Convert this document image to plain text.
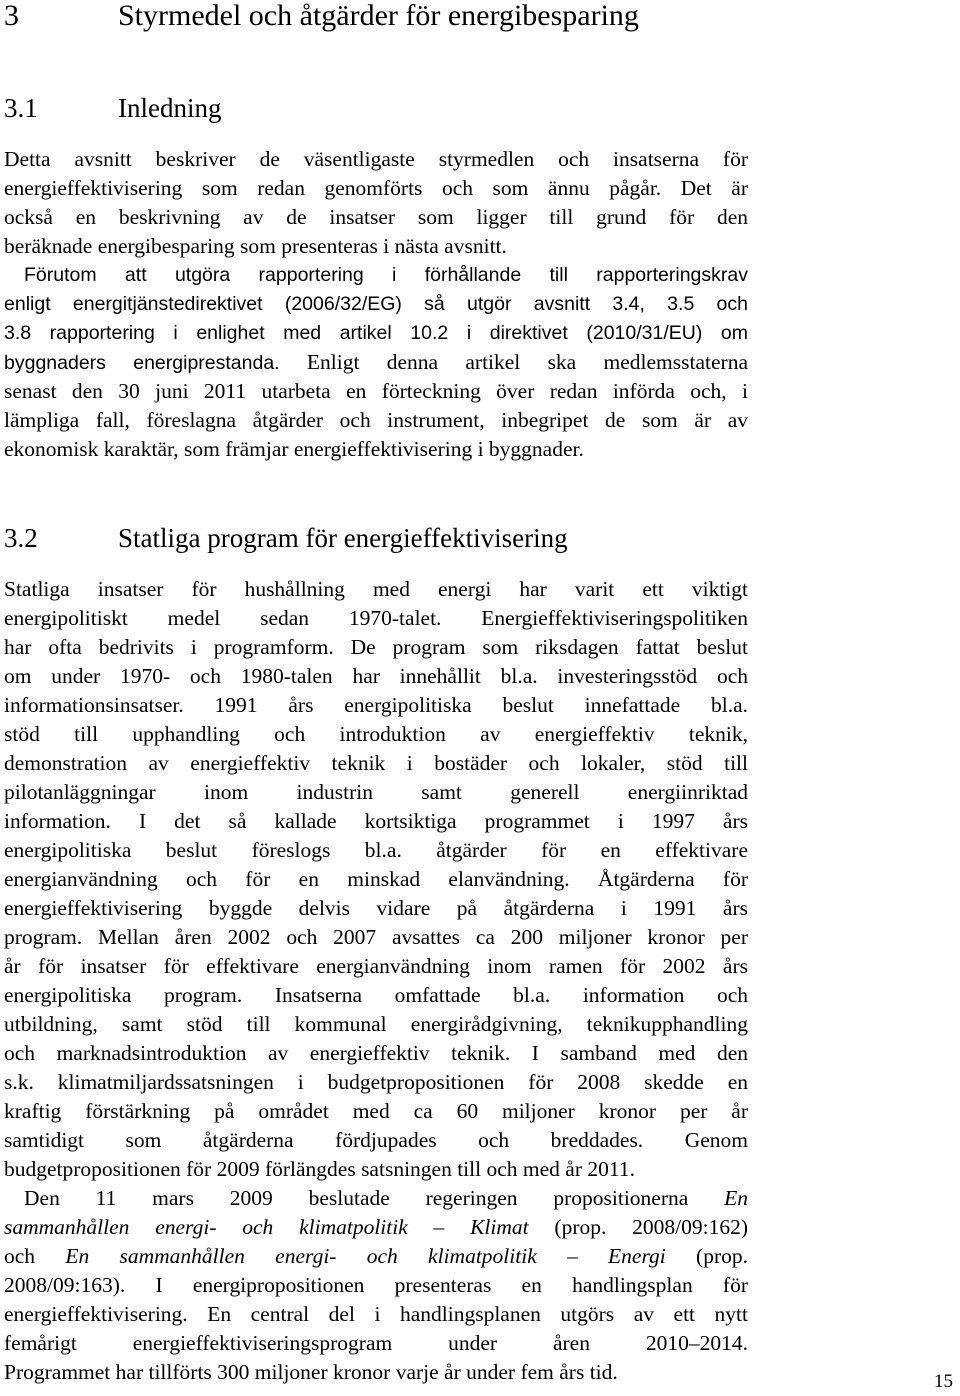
3	Styrmedel och åtgärder för energibesparing
3.1	Inledning
Detta avsnitt beskriver de väsentligaste styrmedlen och insatserna för
energieffektivisering som redan genomförts och som ännu pågår. Det är
också en beskrivning av de insatser som ligger till grund för den
beräknade energibesparing som presenteras i nästa avsnitt.
Förutom att utgöra rapportering i förhållande till rapporteringskrav
enligt energitjänstedirektivet (2006/32/EG) så utgör avsnitt 3.4, 3.5 och
3.8 rapportering i enlighet med artikel 10.2 i direktivet (2010/31/EU) om
byggnaders energiprestanda. Enligt denna artikel ska medlemsstaterna
senast den 30 juni 2011 utarbeta en förteckning över redan införda och, i
lämpliga fall, föreslagna åtgärder och instrument, inbegripet de som är av
ekonomisk karaktär, som främjar energieffektivisering i byggnader.
3.2	Statliga program för energieffektivisering
Statliga insatser för hushållning med energi har varit ett viktigt
energipolitiskt medel sedan 1970-talet. Energieffektiviseringspolitiken
har ofta bedrivits i programform. De program som riksdagen fattat beslut
om under 1970- och 1980-talen har innehållit bl.a. investeringsstöd och
informationsinsatser. 1991 års energipolitiska beslut innefattade bl.a.
stöd till upphandling och introduktion av energieffektiv teknik,
demonstration av energieffektiv teknik i bostäder och lokaler, stöd till
pilotanläggningar inom industrin samt generell energiinriktad
information. I det så kallade kortsiktiga programmet i 1997 års
energipolitiska beslut föreslogs bl.a. åtgärder för en effektivare
energianvändning och för en minskad elanvändning. Åtgärderna för
energieffektivisering byggde delvis vidare på åtgärderna i 1991 års
program. Mellan åren 2002 och 2007 avsattes ca 200 miljoner kronor per
år för insatser för effektivare energianvändning inom ramen för 2002 års
energipolitiska program. Insatserna omfattade bl.a. information och
utbildning, samt stöd till kommunal energirådgivning, teknikupphandling
och marknadsintroduktion av energieffektiv teknik. I samband med den
s.k. klimatmiljardssatsningen i budgetpropositionen för 2008 skedde en
kraftig förstärkning på området med ca 60 miljoner kronor per år
samtidigt som åtgärderna fördjupades och breddades. Genom
budgetpropositionen för 2009 förlängdes satsningen till och med år 2011.
Den 11 mars 2009 beslutade regeringen propositionerna En
sammanhållen energi- och klimatpolitik – Klimat (prop. 2008/09:162)
och En sammanhållen energi- och klimatpolitik – Energi (prop.
2008/09:163). I energipropositionen presenteras en handlingsplan för
energieffektivisering. En central del i handlingsplanen utgörs av ett nytt
femårigt energieffektiviseringsprogram under åren 2010–2014.
Programmet har tillförts 300 miljoner kronor varje år under fem års tid.	15
